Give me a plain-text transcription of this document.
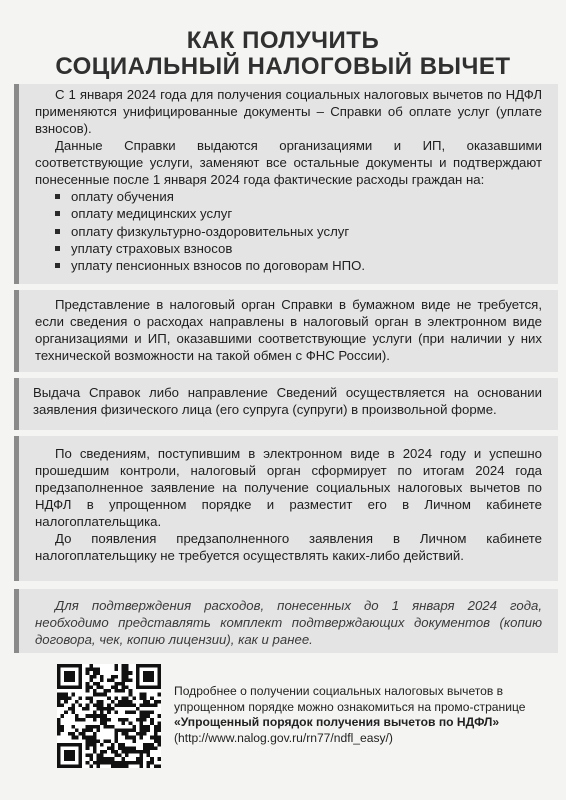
КАК ПОЛУЧИТЬ
СОЦИАЛЬНЫЙ НАЛОГОВЫЙ ВЫЧЕТ

С 1 января 2024 года для получения социальных налоговых вычетов по НДФЛ применяются унифицированные документы – Справки об оплате услуг (уплате взносов).

Данные Справки выдаются организациями и ИП, оказавшими соответствующие услуги, заменяют все остальные документы и подтверждают понесенные после 1 января 2024 года фактические расходы граждан на:

оплату обучения
оплату медицинских услуг
оплату физкультурно-оздоровительных услуг
уплату страховых взносов
уплату пенсионных взносов по договорам НПО.

Представление в налоговый орган Справки в бумажном виде не требуется, если сведения о расходах направлены в налоговый орган в электронном виде организациями и ИП, оказавшими соответствующие услуги (при наличии у них технической возможности на такой обмен с ФНС России).

Выдача Справок либо направление Сведений осуществляется на основании заявления физического лица (его супруга (супруги) в произвольной форме.

По сведениям, поступившим в электронном виде в 2024 году и успешно прошедшим контроли, налоговый орган сформирует по итогам 2024 года предзаполненное заявление на получение социальных налоговых вычетов по НДФЛ в упрощенном порядке и разместит его в Личном кабинете налогоплательщика.

До появления предзаполненного заявления в Личном кабинете налогоплательщику не требуется осуществлять каких-либо действий.

Для подтверждения расходов, понесенных до 1 января 2024 года, необходимо представлять комплект подтверждающих документов (копию договора, чек, копию лицензии), как и ранее.

Подробнее о получении социальных налоговых вычетов в упрощенном порядке можно ознакомиться на промо-странице «Упрощенный порядок получения вычетов по НДФЛ» (http://www.nalog.gov.ru/rn77/ndfl_easy/)
